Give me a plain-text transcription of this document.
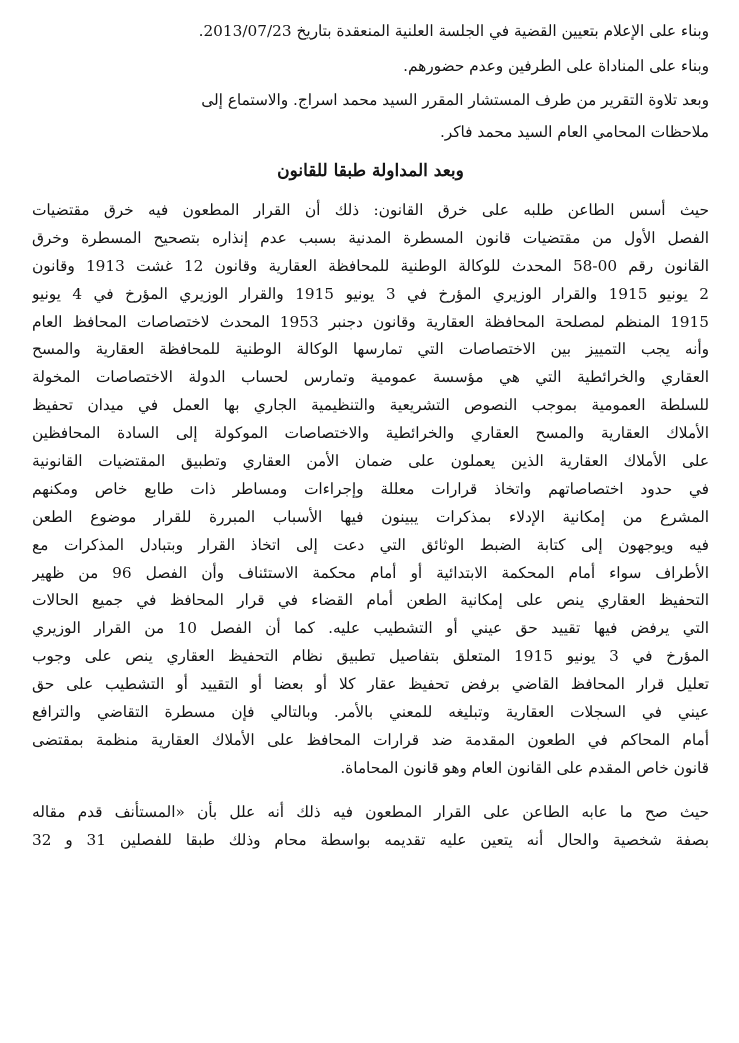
وبناء على الإعلام بتعيين القضية في الجلسة العلنية المنعقدة بتاريخ 2013/07/23.
وبناء على المناداة على الطرفين وعدم حضورهم.
وبعد تلاوة التقرير من طرف المستشار المقرر السيد محمد اسراج. والاستماع إلى
ملاحظات المحامي العام السيد محمد فاكر.
وبعد المداولة طبقا للقانون
حيث أسس الطاعن طلبه على خرق القانون: ذلك أن القرار المطعون فيه خرق مقتضيات
الفصل الأول من مقتضيات قانون المسطرة المدنية بسبب عدم إنذاره بتصحيح المسطرة وخرق
القانون رقم 00-58 المحدث للوكالة الوطنية للمحافظة العقارية وقانون 12 غشت 1913 وقانون
2 يونيو 1915 والقرار الوزيري المؤرخ في 3 يونيو 1915 والقرار الوزيري المؤرخ في 4 يونيو
1915 المنظم لمصلحة المحافظة العقارية وقانون دجنبر 1953 المحدث لاختصاصات المحافظ العام
وأنه يجب التمييز بين الاختصاصات التي تمارسها الوكالة الوطنية للمحافظة العقارية والمسح
العقاري والخرائطية التي هي مؤسسة عمومية وتمارس لحساب الدولة الاختصاصات المخولة
للسلطة العمومية بموجب النصوص التشريعية والتنظيمية الجاري بها العمل في ميدان تحفيظ
الأملاك العقارية والمسح العقاري والخرائطية والاختصاصات الموكولة إلى السادة المحافظين
على الأملاك العقارية الذين يعملون على ضمان الأمن العقاري وتطبيق المقتضيات القانونية
في حدود اختصاصاتهم واتخاذ قرارات معللة وإجراءات ومساطر ذات طابع خاص ومكنهم
المشرع من إمكانية الإدلاء بمذكرات يبينون فيها الأسباب المبررة للقرار موضوع الطعن
فيه ويوجهون إلى كتابة الضبط الوثائق التي دعت إلى اتخاذ القرار وبتبادل المذكرات مع
الأطراف سواء أمام المحكمة الابتدائية أو أمام محكمة الاستئناف وأن الفصل 96 من ظهير
التحفيظ العقاري ينص على إمكانية الطعن أمام القضاء في قرار المحافظ في جميع الحالات
التي يرفض فيها تقييد حق عيني أو التشطيب عليه. كما أن الفصل 10 من القرار الوزيري
المؤرخ في 3 يونيو 1915 المتعلق بتفاصيل تطبيق نظام التحفيظ العقاري ينص على وجوب
تعليل قرار المحافظ القاضي برفض تحفيظ عقار كلا أو بعضا أو التقييد أو التشطيب على حق
عيني في السجلات العقارية وتبليغه للمعني بالأمر. وبالتالي فإن مسطرة التقاضي والترافع
أمام المحاكم في الطعون المقدمة ضد قرارات المحافظ على الأملاك العقارية منظمة بمقتضى
قانون خاص المقدم على القانون العام وهو قانون المحاماة.
حيث صح ما عابه الطاعن على القرار المطعون فيه ذلك أنه علل بأن «المستأنف قدم مقاله
بصفة شخصية والحال أنه يتعين عليه تقديمه بواسطة محام وذلك طبقا للفصلين 31 و 32
